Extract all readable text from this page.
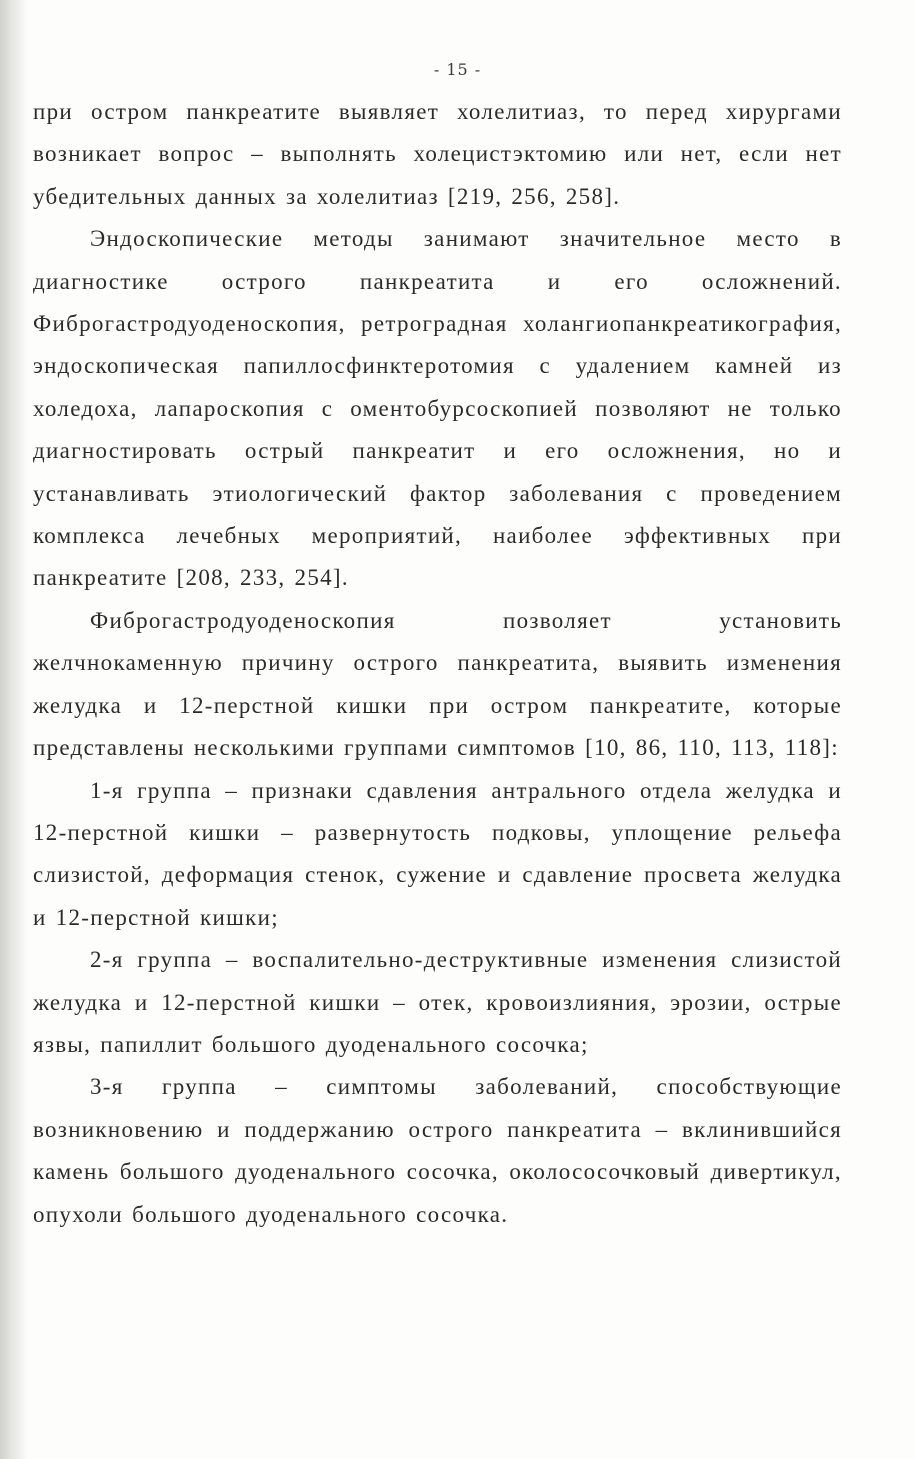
- 15 -

при остром панкреатите выявляет холелитиаз, то перед хирургами возникает вопрос – выполнять холецистэктомию или нет, если нет убедительных данных за холелитиаз [219, 256, 258].

Эндоскопические методы занимают значительное место в диагностике острого панкреатита и его осложнений. Фиброгастродуоденоскопия, ретроградная холангиопанкреатикография, эндоскопическая папиллосфинктеротомия с удалением камней из холедоха, лапароскопия с оментобурсоскопией позволяют не только диагностировать острый панкреатит и его осложнения, но и устанавливать этиологический фактор заболевания с проведением комплекса лечебных мероприятий, наиболее эффективных при панкреатите [208, 233, 254].

Фиброгастродуоденоскопия позволяет установить желчнокаменную причину острого панкреатита, выявить изменения желудка и 12-перстной кишки при остром панкреатите, которые представлены несколькими группами симптомов [10, 86, 110, 113, 118]:

1-я группа – признаки сдавления антрального отдела желудка и 12-перстной кишки – развернутость подковы, уплощение рельефа слизистой, деформация стенок, сужение и сдавление просвета желудка и 12-перстной кишки;

2-я группа – воспалительно-деструктивные изменения слизистой желудка и 12-перстной кишки – отек, кровоизлияния, эрозии, острые язвы, папиллит большого дуоденального сосочка;

3-я группа – симптомы заболеваний, способствующие возникновению и поддержанию острого панкреатита – вклинившийся камень большого дуоденального сосочка, околососочковый дивертикул, опухоли большого дуоденального сосочка.
